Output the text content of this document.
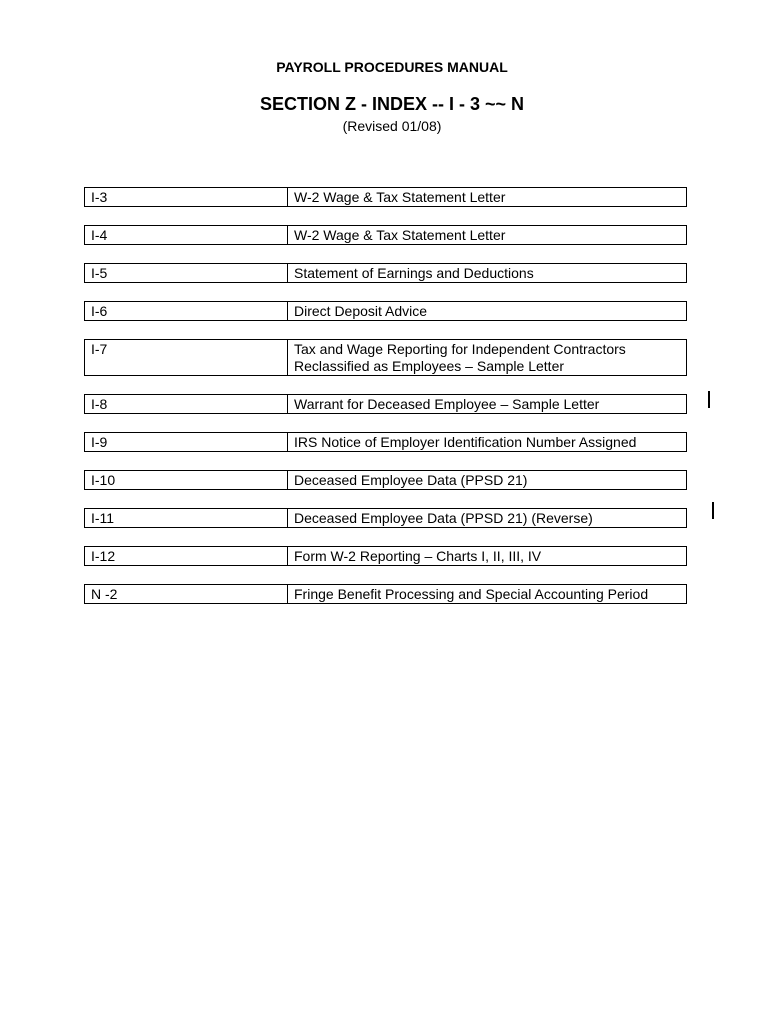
PAYROLL PROCEDURES MANUAL
SECTION Z - INDEX -- I - 3 ~~ N
(Revised 01/08)
I-3	W-2 Wage & Tax Statement Letter
I-4	W-2 Wage & Tax Statement Letter
I-5	Statement of Earnings and Deductions
I-6	Direct Deposit Advice
I-7	Tax and Wage Reporting for Independent Contractors Reclassified as Employees – Sample Letter
I-8	Warrant for Deceased Employee – Sample Letter
I-9	IRS Notice of Employer Identification Number Assigned
I-10	Deceased Employee Data (PPSD 21)
I-11	Deceased Employee Data (PPSD 21) (Reverse)
I-12	Form W-2 Reporting – Charts I, II, III, IV
N -2	Fringe Benefit Processing and Special Accounting Period
